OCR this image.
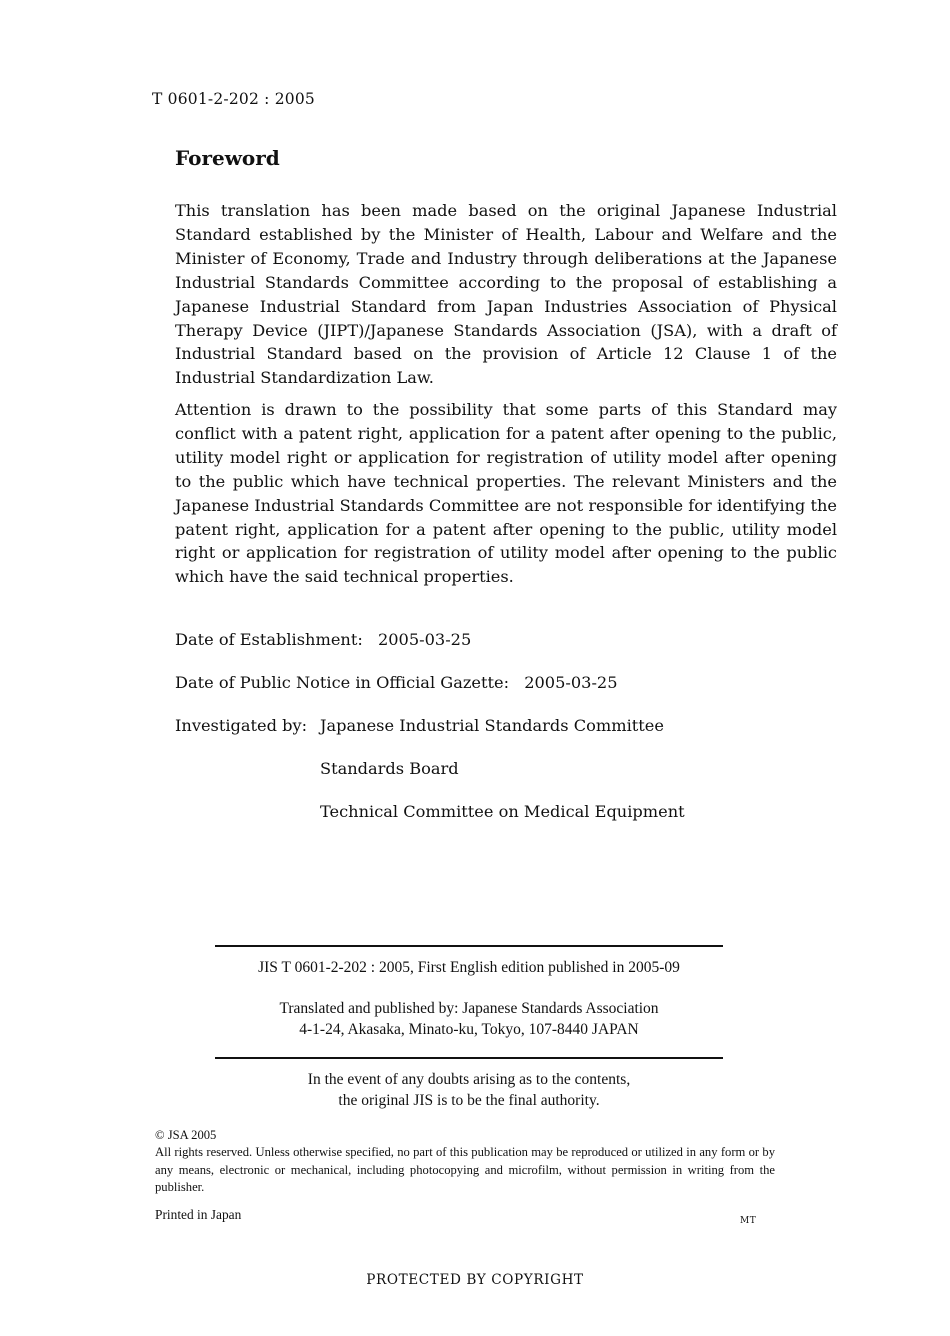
T 0601-2-202 : 2005
Foreword

This translation has been made based on the original Japanese Industrial Standard established by the Minister of Health, Labour and Welfare and the Minister of Economy, Trade and Industry through deliberations at the Japanese Industrial Standards Committee according to the proposal of establishing a Japanese Industrial Standard from Japan Industries Association of Physical Therapy Device (JIPT)/Japanese Standards Association (JSA), with a draft of Industrial Standard based on the provision of Article 12 Clause 1 of the Industrial Standardization Law.

Attention is drawn to the possibility that some parts of this Standard may conflict with a patent right, application for a patent after opening to the public, utility model right or application for registration of utility model after opening to the public which have technical properties. The relevant Ministers and the Japanese Industrial Standards Committee are not responsible for identifying the patent right, application for a patent after opening to the public, utility model right or application for registration of utility model after opening to the public which have the said technical properties.

Date of Establishment: 2005-03-25
Date of Public Notice in Official Gazette: 2005-03-25
Investigated by: Japanese Industrial Standards Committee
Standards Board
Technical Committee on Medical Equipment
JIS T 0601-2-202 : 2005, First English edition published in 2005-09
Translated and published by: Japanese Standards Association
4-1-24, Akasaka, Minato-ku, Tokyo, 107-8440 JAPAN
In the event of any doubts arising as to the contents,
the original JIS is to be the final authority.
© JSA 2005
All rights reserved. Unless otherwise specified, no part of this publication may be reproduced or utilized in any form or by any means, electronic or mechanical, including photocopying and microfilm, without permission in writing from the publisher.
Printed in Japan	MT
PROTECTED BY COPYRIGHT
